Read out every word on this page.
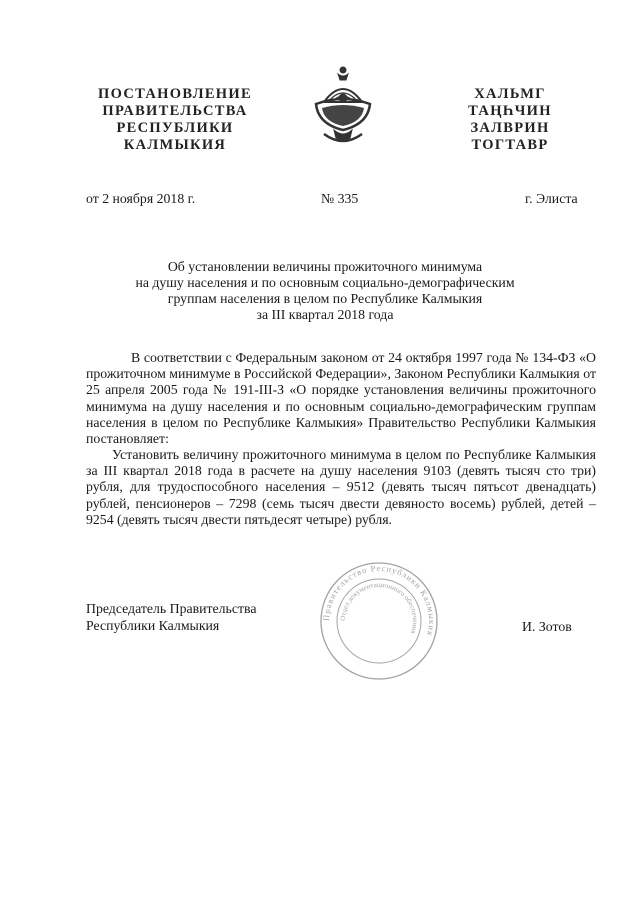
ПОСТАНОВЛЕНИЕ
ПРАВИТЕЛЬСТВА
РЕСПУБЛИКИ
КАЛМЫКИЯ
ХАЛЬМГ
ТАҢҺЧИН
ЗАЛВРИН
ТОГТАВР
от 2 ноября 2018 г.	№ 335	г. Элиста
Об установлении величины прожиточного минимума
на душу населения и по основным социально-демографическим
группам населения в целом по Республике Калмыкия
за III квартал 2018 года
В соответствии с Федеральным законом от 24 октября 1997 года № 134-ФЗ «О прожиточном минимуме в Российской Федерации», Законом Республики Калмыкия от 25 апреля 2005 года № 191-III-З «О порядке установления величины прожиточного минимума на душу населения и по основным социально-демографическим группам населения в целом по Республике Калмыкия» Правительство Республики Калмыкия постановляет:
Установить величину прожиточного минимума в целом по Республике Калмыкия за III квартал 2018 года в расчете на душу населения 9103 (девять тысяч сто три) рубля, для трудоспособного населения – 9512 (девять тысяч пятьсот двенадцать) рублей, пенсионеров – 7298 (семь тысяч двести девяносто восемь) рублей, детей – 9254 (девять тысяч двести пятьдесят четыре) рубля.
Правительство Республики Калмыкия
Отдел документационного обеспечения
Председатель Правительства
Республики Калмыкия	И. Зотов
